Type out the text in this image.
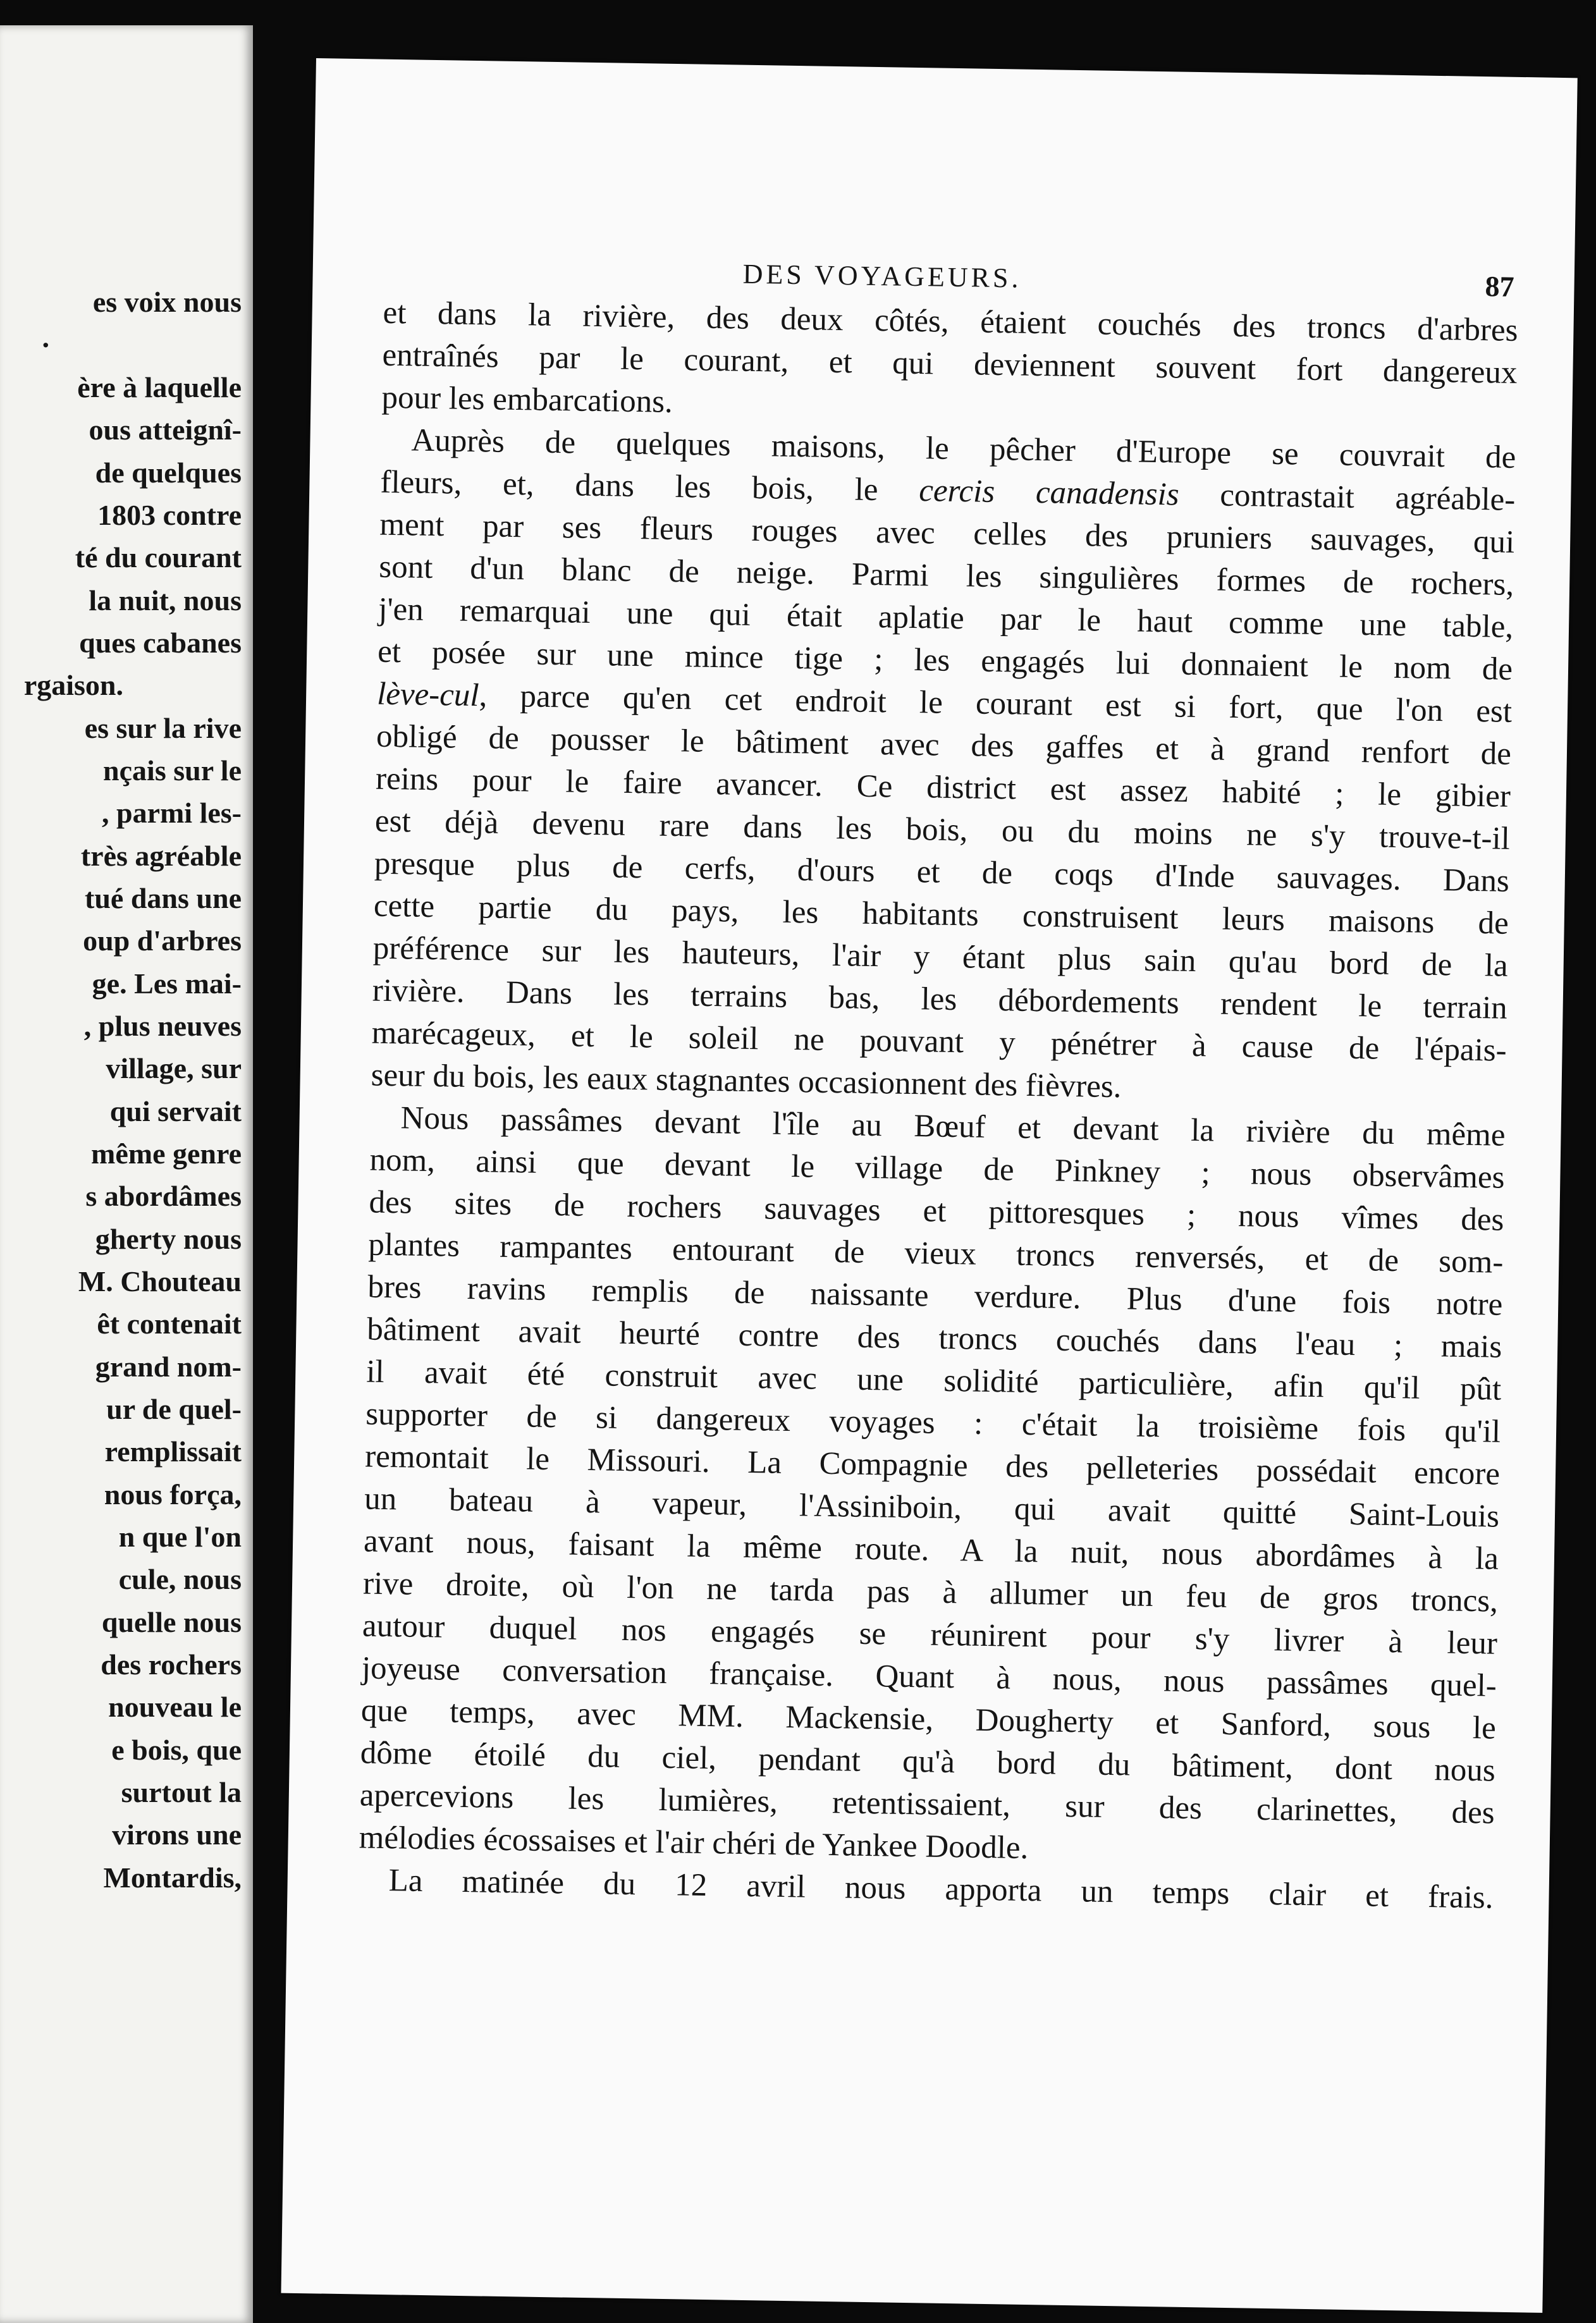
es voix nous
·
ère à laquelle
ous atteignî-
de quelques
1803 contre
té du courant
la nuit, nous
ques cabanes
rgaison.
es sur la rive
nçais sur le
, parmi les-
très agréable
tué dans une
oup d'arbres
ge. Les mai-
, plus neuves
village, sur
qui servait
même genre
s abordâmes
gherty nous
M. Chouteau
êt contenait
grand nom-
ur de quel-
remplissait
nous força,
n que l'on
cule, nous
quelle nous
des rochers
nouveau le
e bois, que
surtout la
virons une
Montardis,
DES VOYAGEURS.	87
et dans la rivière, des deux côtés, étaient couchés des troncs d'arbres
entraînés par le courant, et qui deviennent souvent fort dangereux
pour les embarcations.
Auprès de quelques maisons, le pêcher d'Europe se couvrait de
fleurs, et, dans les bois, le cercis canadensis contrastait agréable-
ment par ses fleurs rouges avec celles des pruniers sauvages, qui
sont d'un blanc de neige. Parmi les singulières formes de rochers,
j'en remarquai une qui était aplatie par le haut comme une table,
et posée sur une mince tige ; les engagés lui donnaient le nom de
lève-cul, parce qu'en cet endroit le courant est si fort, que l'on est
obligé de pousser le bâtiment avec des gaffes et à grand renfort de
reins pour le faire avancer. Ce district est assez habité ; le gibier
est déjà devenu rare dans les bois, ou du moins ne s'y trouve-t-il
presque plus de cerfs, d'ours et de coqs d'Inde sauvages. Dans
cette partie du pays, les habitants construisent leurs maisons de
préférence sur les hauteurs, l'air y étant plus sain qu'au bord de la
rivière. Dans les terrains bas, les débordements rendent le terrain
marécageux, et le soleil ne pouvant y pénétrer à cause de l'épais-
seur du bois, les eaux stagnantes occasionnent des fièvres.
Nous passâmes devant l'île au Bœuf et devant la rivière du même
nom, ainsi que devant le village de Pinkney ; nous observâmes
des sites de rochers sauvages et pittoresques ; nous vîmes des
plantes rampantes entourant de vieux troncs renversés, et de som-
bres ravins remplis de naissante verdure. Plus d'une fois notre
bâtiment avait heurté contre des troncs couchés dans l'eau ; mais
il avait été construit avec une solidité particulière, afin qu'il pût
supporter de si dangereux voyages : c'était la troisième fois qu'il
remontait le Missouri. La Compagnie des pelleteries possédait encore
un bateau à vapeur, l'Assiniboin, qui avait quitté Saint-Louis
avant nous, faisant la même route. A la nuit, nous abordâmes à la
rive droite, où l'on ne tarda pas à allumer un feu de gros troncs,
autour duquel nos engagés se réunirent pour s'y livrer à leur
joyeuse conversation française. Quant à nous, nous passâmes quel-
que temps, avec MM. Mackensie, Dougherty et Sanford, sous le
dôme étoilé du ciel, pendant qu'à bord du bâtiment, dont nous
apercevions les lumières, retentissaient, sur des clarinettes, des
mélodies écossaises et l'air chéri de Yankee Doodle.
La matinée du 12 avril nous apporta un temps clair et frais.
